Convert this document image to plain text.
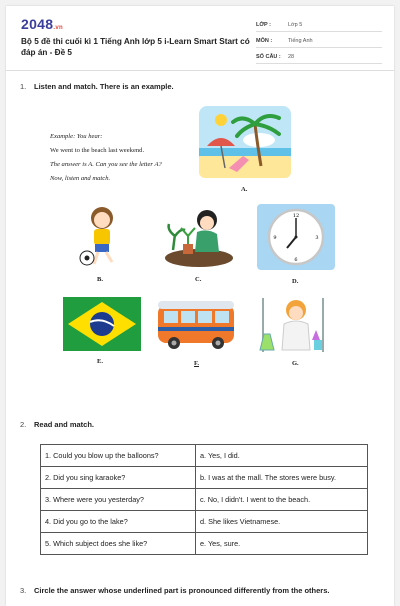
2048.vn
Bộ 5 đề thi cuối kì 1 Tiếng Anh lớp 5 i-Learn Smart Start có đáp án - Đề 5
LỚP :	Lớp 5
MÔN :	Tiếng Anh
SỐ CÂU : 28
1. Listen and match. There is an example.
Example: You hear:
We went to the beach last weekend.
The answer is A. Can you see the letter A?
Now, listen and match.
A.
B.	C.
12
3
6
9
D.
E.	F.	G.
2. Read and match.
1. Could you blow up the balloons?	a. Yes, I did.
2. Did you sing karaoke?	b. I was at the mall. The stores were busy.
3. Where were you yesterday?	c. No, I didn't. I went to the beach.
4. Did you go to the lake?	d. She likes Vietnamese.
5. Which subject does she like?	e. Yes, sure.
3. Circle the answer whose underlined part is pronounced differently from the others.
